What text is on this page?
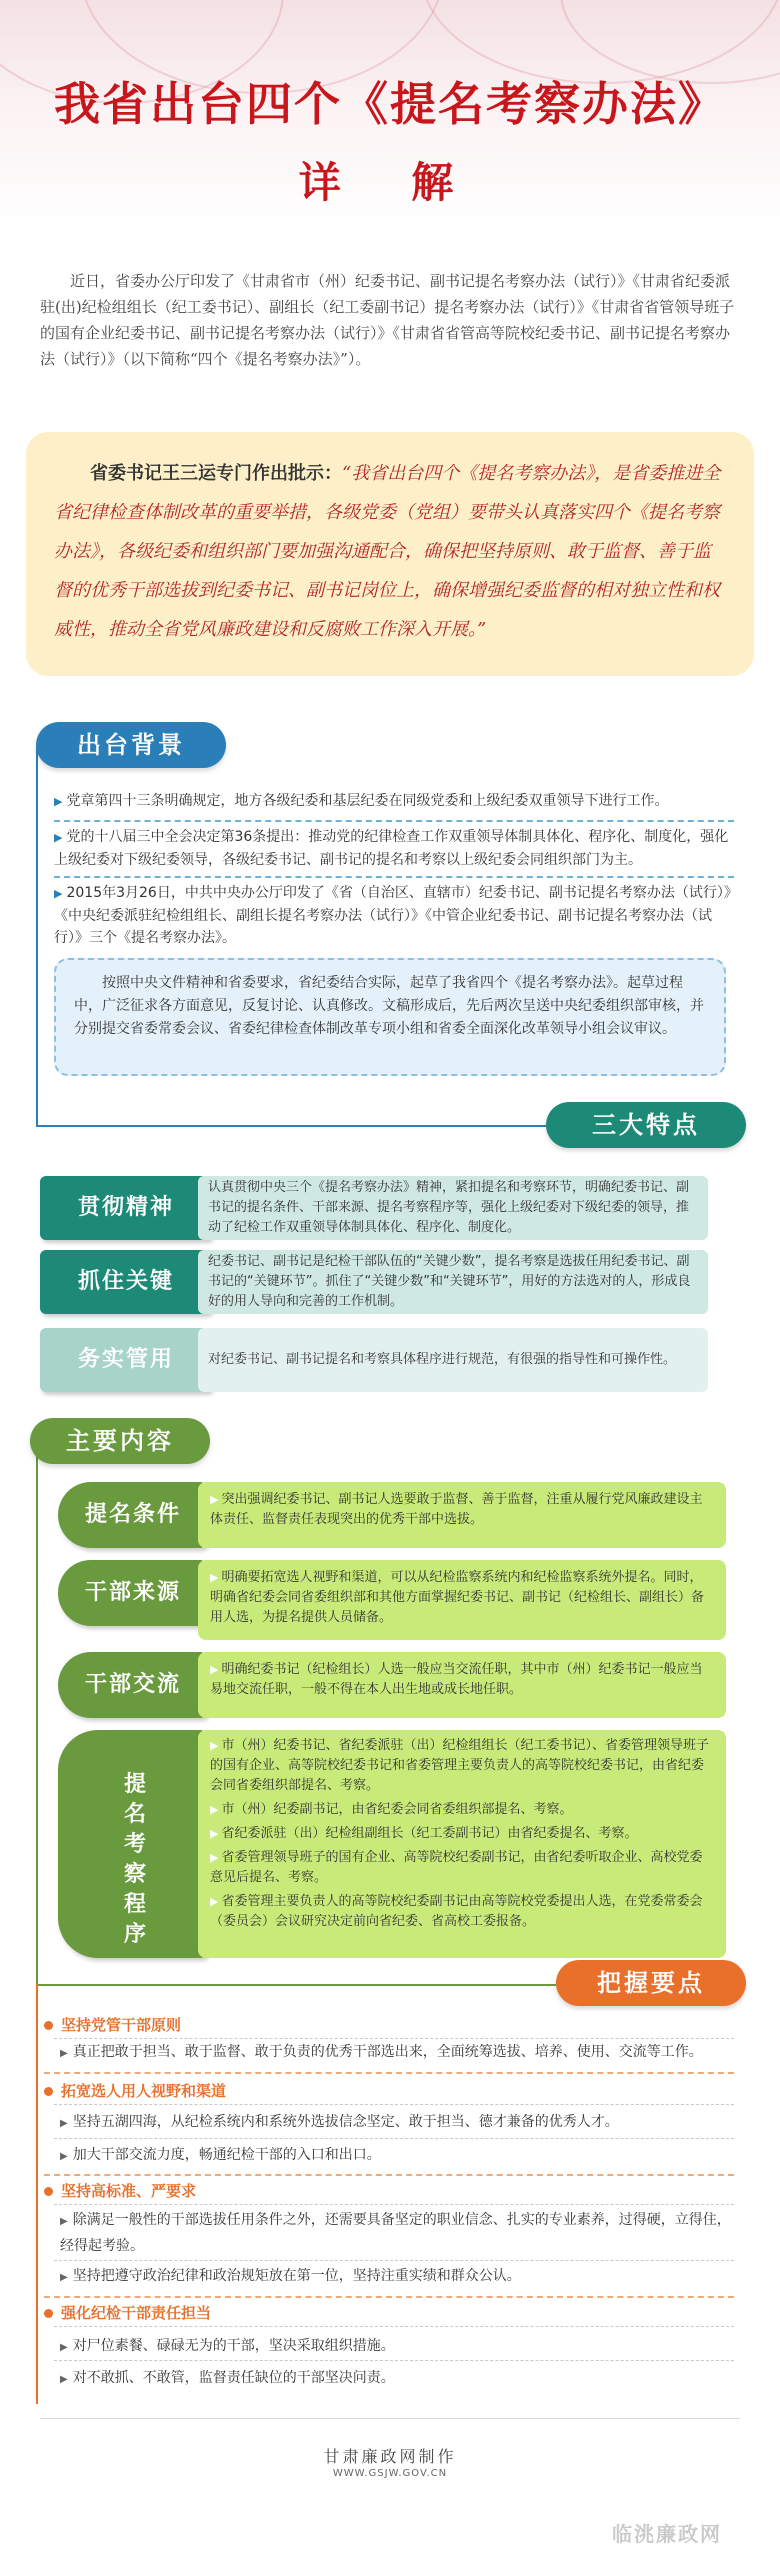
我省出台四个《提名考察办法》
详 解
近日，省委办公厅印发了《甘肃省市（州）纪委书记、副书记提名考察办法（试行）》《甘肃省纪委派驻(出)纪检组组长（纪工委书记）、副组长（纪工委副书记）提名考察办法（试行）》《甘肃省省管领导班子的国有企业纪委书记、副书记提名考察办法（试行）》《甘肃省省管高等院校纪委书记、副书记提名考察办法（试行）》（以下简称“四个《提名考察办法》”）。
省委书记王三运专门作出批示：“我省出台四个《提名考察办法》，是省委推进全省纪律检查体制改革的重要举措，各级党委（党组）要带头认真落实四个《提名考察办法》，各级纪委和组织部门要加强沟通配合，确保把坚持原则、敢于监督、善于监督的优秀干部选拔到纪委书记、副书记岗位上，确保增强纪委监督的相对独立性和权威性，推动全省党风廉政建设和反腐败工作深入开展。”
出台背景
▶ 党章第四十三条明确规定，地方各级纪委和基层纪委在同级党委和上级纪委双重领导下进行工作。
▶ 党的十八届三中全会决定第36条提出：推动党的纪律检查工作双重领导体制具体化、程序化、制度化，强化上级纪委对下级纪委领导，各级纪委书记、副书记的提名和考察以上级纪委会同组织部门为主。
▶ 2015年3月26日，中共中央办公厅印发了《省（自治区、直辖市）纪委书记、副书记提名考察办法（试行）》《中央纪委派驻纪检组组长、副组长提名考察办法（试行）》《中管企业纪委书记、副书记提名考察办法（试行）》三个《提名考察办法》。
按照中央文件精神和省委要求，省纪委结合实际，起草了我省四个《提名考察办法》。起草过程中，广泛征求各方面意见，反复讨论、认真修改。文稿形成后，先后两次呈送中央纪委组织部审核，并分别提交省委常委会议、省委纪律检查体制改革专项小组和省委全面深化改革领导小组会议审议。
三大特点
贯彻精神
认真贯彻中央三个《提名考察办法》精神，紧扣提名和考察环节，明确纪委书记、副书记的提名条件、干部来源、提名考察程序等，强化上级纪委对下级纪委的领导，推动了纪检工作双重领导体制具体化、程序化、制度化。
抓住关键
纪委书记、副书记是纪检干部队伍的“关键少数”，提名考察是选拔任用纪委书记、副书记的“关键环节”。抓住了“关键少数”和“关键环节”，用好的方法选对的人，形成良好的用人导向和完善的工作机制。
务实管用	对纪委书记、副书记提名和考察具体程序进行规范，有很强的指导性和可操作性。
主要内容
提名条件
▶ 突出强调纪委书记、副书记人选要敢于监督、善于监督，注重从履行党风廉政建设主体责任、监督责任表现突出的优秀干部中选拔。
干部来源
▶ 明确要拓宽选人视野和渠道，可以从纪检监察系统内和纪检监察系统外提名。同时，明确省纪委会同省委组织部和其他方面掌握纪委书记、副书记（纪检组长、副组长）备用人选，为提名提供人员储备。
干部交流
▶ 明确纪委书记（纪检组长）人选一般应当交流任职，其中市（州）纪委书记一般应当易地交流任职，一般不得在本人出生地或成长地任职。
提名考察程序
▶ 市（州）纪委书记、省纪委派驻（出）纪检组组长（纪工委书记）、省委管理领导班子的国有企业、高等院校纪委书记和省委管理主要负责人的高等院校纪委书记，由省纪委会同省委组织部提名、考察。
▶ 市（州）纪委副书记，由省纪委会同省委组织部提名、考察。
▶ 省纪委派驻（出）纪检组副组长（纪工委副书记）由省纪委提名、考察。
▶ 省委管理领导班子的国有企业、高等院校纪委副书记，由省纪委听取企业、高校党委意见后提名、考察。
▶ 省委管理主要负责人的高等院校纪委副书记由高等院校党委提出人选，在党委常委会（委员会）会议研究决定前向省纪委、省高校工委报备。
把握要点
坚持党管干部原则
▶ 真正把敢于担当、敢于监督、敢于负责的优秀干部选出来，全面统筹选拔、培养、使用、交流等工作。
拓宽选人用人视野和渠道
▶ 坚持五湖四海，从纪检系统内和系统外选拔信念坚定、敢于担当、德才兼备的优秀人才。
▶ 加大干部交流力度，畅通纪检干部的入口和出口。
坚持高标准、严要求
▶ 除满足一般性的干部选拔任用条件之外，还需要具备坚定的职业信念、扎实的专业素养，过得硬，立得住，经得起考验。
▶ 坚持把遵守政治纪律和政治规矩放在第一位，坚持注重实绩和群众公认。
强化纪检干部责任担当
▶ 对尸位素餐、碌碌无为的干部，坚决采取组织措施。
▶ 对不敢抓、不敢管，监督责任缺位的干部坚决问责。
甘肃廉政网制作
WWW.GSJW.GOV.CN
临洮廉政网
